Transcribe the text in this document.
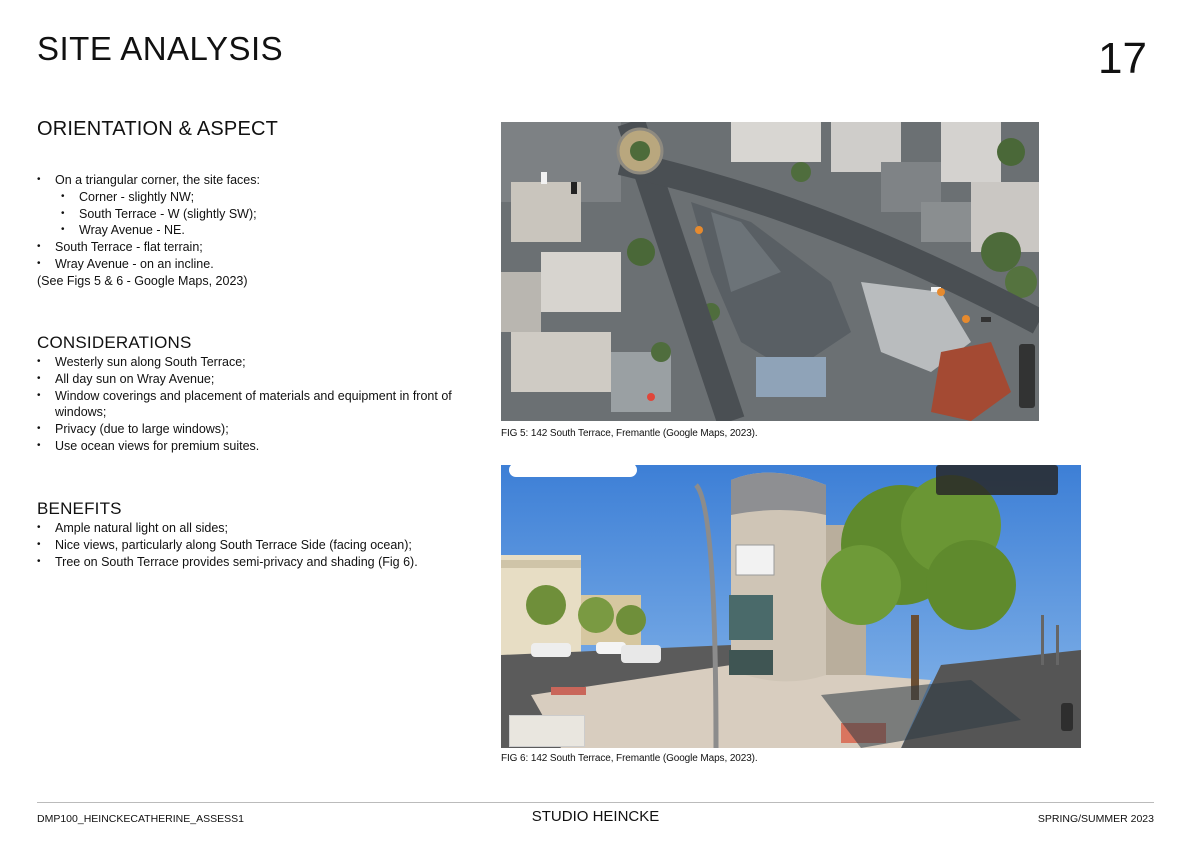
SITE ANALYSIS	17
ORIENTATION & ASPECT
• On a triangular corner, the site faces:
• Corner - slightly NW;
• South Terrace - W (slightly SW);
• Wray Avenue - NE.
• South Terrace - flat terrain;
• Wray Avenue - on an incline.
(See Figs 5 & 6 - Google Maps, 2023)
CONSIDERATIONS
• Westerly sun along South Terrace;
• All day sun on Wray Avenue;
• Window coverings and placement of materials and equipment in front of windows;
• Privacy (due to large windows);
• Use ocean views for premium suites.
BENEFITS
• Ample natural light on all sides;
• Nice views, particularly along South Terrace Side (facing ocean);
• Tree on South Terrace provides semi-privacy and shading (Fig 6).
FIG 5: 142 South Terrace, Fremantle (Google Maps, 2023).
FIG 6: 142 South Terrace, Fremantle (Google Maps, 2023).
DMP100_HEINCKECATHERINE_ASSESS1	STUDIO HEINCKE	SPRING/SUMMER 2023
